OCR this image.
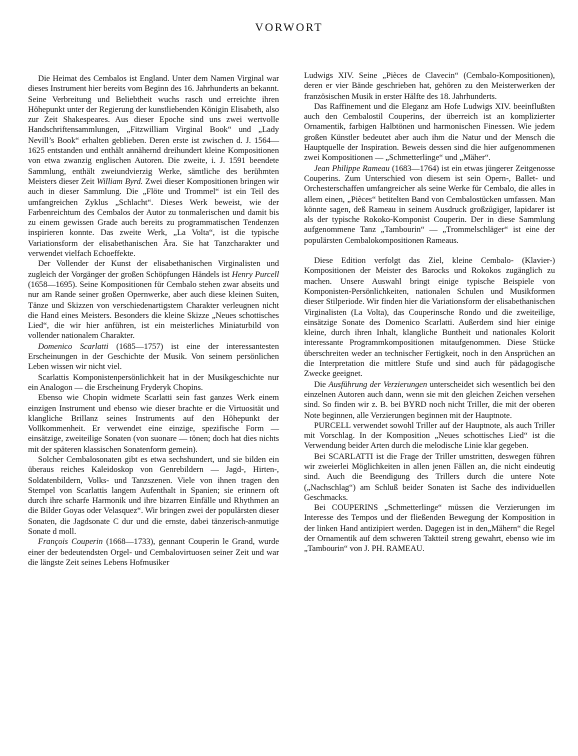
VORWORT

Die Heimat des Cembalos ist England. Unter dem Namen Virginal war dieses Instrument hier bereits vom Beginn des 16. Jahrhunderts an bekannt. Seine Verbreitung und Beliebtheit wuchs rasch und erreichte ihren Höhepunkt unter der Regierung der kunstliebenden Königin Elisabeth, also zur Zeit Shakespeares. Aus dieser Epoche sind uns zwei wertvolle Handschriftensammlungen, „Fitzwilliam Virginal Book“ und „Lady Nevill’s Book“ erhalten geblieben. Deren erste ist zwischen d. J. 1564—1625 entstanden und enthält annähernd dreihundert kleine Kompositionen von etwa zwanzig englischen Autoren. Die zweite, i. J. 1591 beendete Sammlung, enthält zweiundvierzig Werke, sämtliche des berühmten Meisters dieser Zeit William Byrd. Zwei dieser Kompositionen bringen wir auch in dieser Sammlung. Die „Flöte und Trommel“ ist ein Teil des umfangreichen Zyklus „Schlacht“. Dieses Werk beweist, wie der Farbenreichtum des Cembalos der Autor zu tonmalerischen und damit bis zu einem gewissen Grade auch bereits zu programmatischen Tendenzen inspirieren konnte. Das zweite Werk, „La Volta“, ist die typische Variationsform der elisabethanischen Ära. Sie hat Tanzcharakter und verwendet vielfach Echoeffekte.

Der Vollender der Kunst der elisabethanischen Virginalisten und zugleich der Vorgänger der großen Schöpfungen Händels ist Henry Purcell (1658—1695). Seine Kompositionen für Cembalo stehen zwar abseits und nur am Rande seiner großen Opernwerke, aber auch diese kleinen Suiten, Tänze und Skizzen von verschiedenartigstem Charakter verleugnen nicht die Hand eines Meisters. Besonders die kleine Skizze „Neues schottisches Lied“, die wir hier anführen, ist ein meisterliches Miniaturbild von vollender nationalem Charakter.

Domenico Scarlatti (1685—1757) ist eine der interessantesten Erscheinungen in der Geschichte der Musik. Von seinem persönlichen Leben wissen wir nicht viel.

Scarlattis Komponistenpersönlichkeit hat in der Musikgeschichte nur ein Analogon — die Erscheinung Fryderyk Chopins.

Ebenso wie Chopin widmete Scarlatti sein fast ganzes Werk einem einzigen Instrument und ebenso wie dieser brachte er die Virtuosität und klangliche Brillanz seines Instruments auf den Höhepunkt der Vollkommenheit. Er verwendet eine einzige, spezifische Form — einsätzige, zweiteilige Sonaten (von suonare — tönen; doch hat dies nichts mit der späteren klassischen Sonatenform gemein).

Solcher Cembalosonaten gibt es etwa sechshundert, und sie bilden ein überaus reiches Kaleidoskop von Genrebildern — Jagd-, Hirten-, Soldatenbildern, Volks- und Tanzszenen. Viele von ihnen tragen den Stempel von Scarlattis langem Aufenthalt in Spanien; sie erinnern oft durch ihre scharfe Harmonik und ihre bizarren Einfälle und Rhythmen an die Bilder Goyas oder Velasquez“. Wir bringen zwei der populärsten dieser Sonaten, die Jagdsonate C dur und die ernste, dabei tänzerisch-anmutige Sonate d moll.

François Couperin (1668—1733), gennant Couperin le Grand, wurde einer der bedeutendsten Orgel- und Cembalovirtuosen seiner Zeit und war die längste Zeit seines Lebens Hofmusiker

Ludwigs XIV. Seine „Pièces de Clavecin“ (Cembalo-Kompositionen), deren er vier Bände geschrieben hat, gehören zu den Meisterwerken der französischen Musik in erster Hälfte des 18. Jahrhunderts.

Das Raffinement und die Eleganz am Hofe Ludwigs XIV. beeinflußten auch den Cembalostil Couperins, der überreich ist an komplizierter Ornamentik, farbigen Halbtönen und harmonischen Finessen. Wie jedem großen Künstler bedeutet aber auch ihm die Natur und der Mensch die Hauptquelle der Inspiration. Beweis dessen sind die hier aufgenommenen zwei Kompositionen — „Schmetterlinge“ und „Mäher“.

Jean Philippe Rameau (1683—1764) ist ein etwas jüngerer Zeitgenosse Couperins. Zum Unterschied von diesem ist sein Opern-, Ballet- und Orchesterschaffen umfangreicher als seine Werke für Cembalo, die alles in allem einen, „Pièces“ betitelten Band von Cembalostücken umfassen. Man könnte sagen, deß Rameau in seinem Ausdruck großzügiger, lapidarer ist als der typische Rokoko-Komponist Couperin. Der in diese Sammlung aufgenommene Tanz „Tambourin“ — „Trommelschläger“ ist eine der populärsten Cembalokompositionen Rameaus.

Diese Edition verfolgt das Ziel, kleine Cembalo- (Klavier-) Kompositionen der Meister des Barocks und Rokokos zugänglich zu machen. Unsere Auswahl bringt einige typische Beispiele von Komponisten-Persönlichkeiten, nationalen Schulen und Musikformen dieser Stilperiode. Wir finden hier die Variationsform der elisabethanischen Virginalisten (La Volta), das Couperinsche Rondo und die zweiteilige, einsätzige Sonate des Domenico Scarlatti. Außerdem sind hier einige kleine, durch ihren Inhalt, klangliche Buntheit und nationales Kolorit interessante Programmkompositionen mitaufgenommen. Diese Stücke überschreiten weder an technischer Fertigkeit, noch in den Ansprüchen an die Interpretation die mittlere Stufe und sind auch für pädagogische Zwecke geeignet.

Die Ausführung der Verzierungen unterscheidet sich wesentlich bei den einzelnen Autoren auch dann, wenn sie mit den gleichen Zeichen versehen sind. So finden wir z. B. bei BYRD noch nicht Triller, die mit der oberen Note beginnen, alle Verzierungen beginnen mit der Hauptnote.

PURCELL verwendet sowohl Triller auf der Hauptnote, als auch Triller mit Vorschlag. In der Komposition „Neues schottisches Lied“ ist die Verwendung beider Arten durch die melodische Linie klar gegeben.

Bei SCARLATTI ist die Frage der Triller umstritten, deswegen führen wir zweierlei Möglichkeiten in allen jenen Fällen an, die nicht eindeutig sind. Auch die Beendigung des Trillers durch die untere Note („Nachschlag“) am Schluß beider Sonaten ist Sache des individuellen Geschmacks.

Bei COUPERINS „Schmetterlinge“ müssen die Verzierungen im Interesse des Tempos und der fließenden Bewegung der Komposition in der linken Hand antizipiert werden. Dagegen ist in den„Mähern“ die Regel der Ornamentik auf dem schweren Taktteil streng gewahrt, ebenso wie im „Tambourin“ von J. PH. RAMEAU.
